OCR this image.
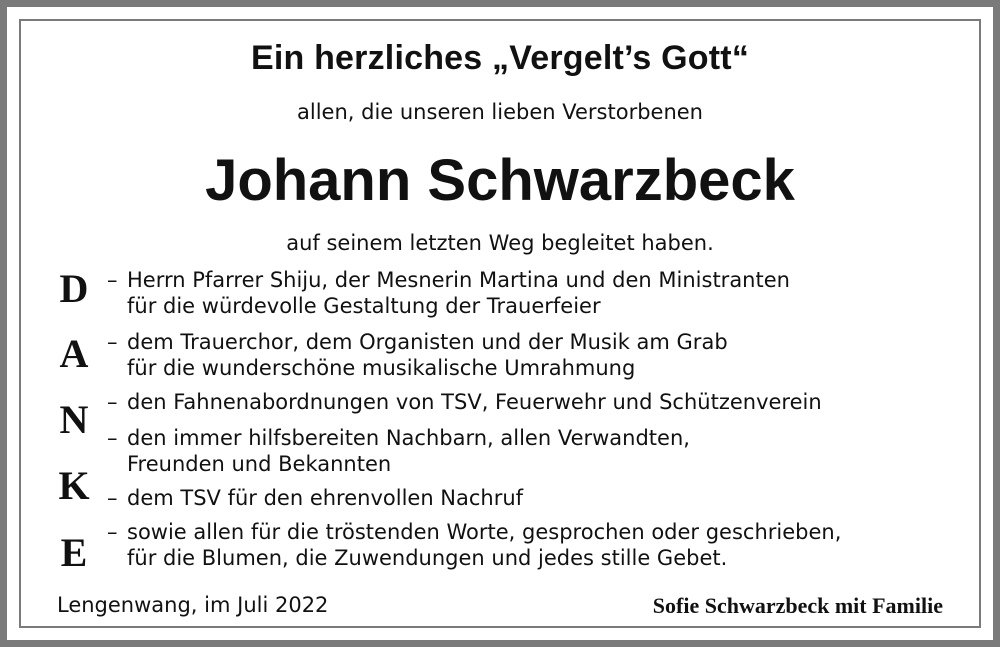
Ein herzliches „Vergelt’s Gott“
allen, die unseren lieben Verstorbenen
Johann Schwarzbeck
auf seinem letzten Weg begleitet haben.
D
A
N
K
E
– Herrn Pfarrer Shiju, der Mesnerin Martina und den Ministranten
für die würdevolle Gestaltung der Trauerfeier
– dem Trauerchor, dem Organisten und der Musik am Grab
für die wunderschöne musikalische Umrahmung
– den Fahnenabordnungen von TSV, Feuerwehr und Schützenverein
– den immer hilfsbereiten Nachbarn, allen Verwandten,
Freunden und Bekannten
– dem TSV für den ehrenvollen Nachruf
– sowie allen für die tröstenden Worte, gesprochen oder geschrieben,
für die Blumen, die Zuwendungen und jedes stille Gebet.
Lengenwang, im Juli 2022	Sofie Schwarzbeck mit Familie
